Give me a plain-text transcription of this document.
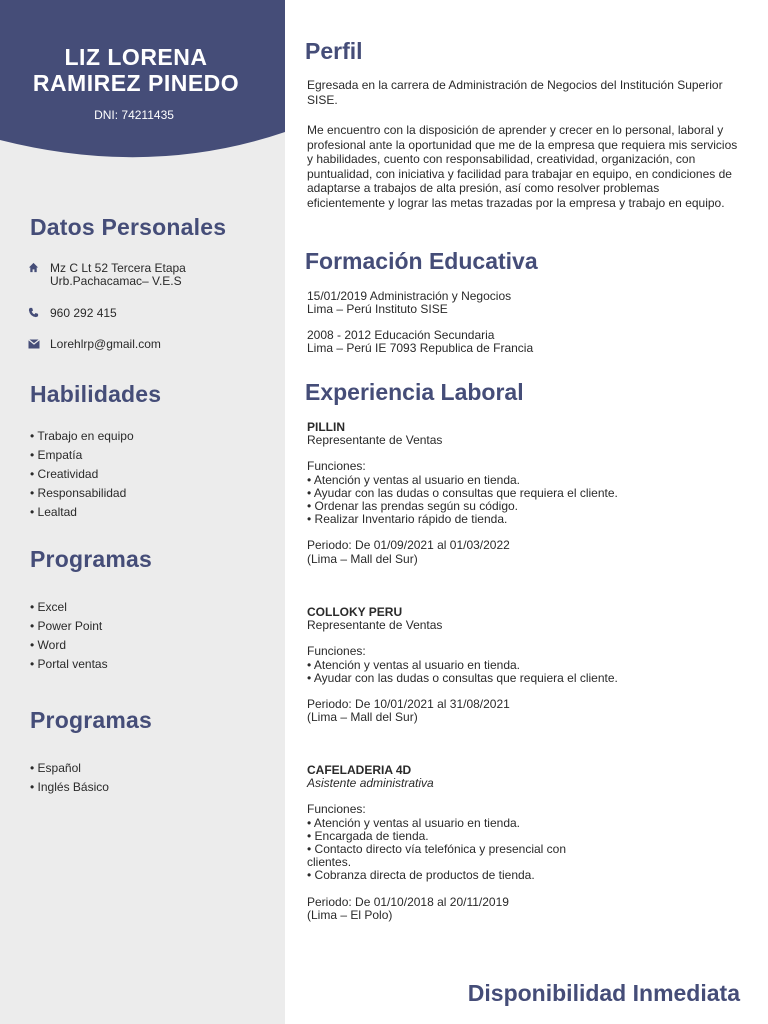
LIZ LORENA
RAMIREZ PINEDO

DNI: 74211435

Datos Personales
Mz C Lt 52 Tercera Etapa
Urb.Pachacamac– V.E.S
960 292 415
Lorehlrp@gmail.com
Habilidades
• Trabajo en equipo
• Empatía
• Creatividad
• Responsabilidad
• Lealtad
Programas
• Excel
• Power Point
• Word
• Portal ventas
Programas
• Español
• Inglés Básico
Perfil

Egresada en la carrera de Administración de Negocios del Institución Superior SISE.

Me encuentro con la disposición de aprender y crecer en lo personal, laboral y profesional ante la oportunidad que me de la empresa que requiera mis servicios y habilidades, cuento con responsabilidad, creatividad, organización, con puntualidad, con iniciativa y facilidad para trabajar en equipo, en condiciones de adaptarse a trabajos de alta presión, así como resolver problemas eficientemente y lograr las metas trazadas por la empresa y trabajo en equipo.

Formación Educativa
15/01/2019 Administración y Negocios
Lima – Perú Instituto SISE
2008 - 2012 Educación Secundaria
Lima – Perú IE 7093 Republica de Francia
Experiencia Laboral
PILLIN
Representante de Ventas
Funciones:
• Atención y ventas al usuario en tienda.
• Ayudar con las dudas o consultas que requiera el cliente.
• Ordenar las prendas según su código.
• Realizar Inventario rápido de tienda.
Periodo: De 01/09/2021 al 01/03/2022
(Lima – Mall del Sur)
COLLOKY PERU
Representante de Ventas
Funciones:
• Atención y ventas al usuario en tienda.
• Ayudar con las dudas o consultas que requiera el cliente.
Periodo: De 10/01/2021 al 31/08/2021
(Lima – Mall del Sur)
CAFELADERIA 4D
Asistente administrativa
Funciones:
• Atención y ventas al usuario en tienda.
• Encargada de tienda.
• Contacto directo vía telefónica y presencial con
clientes.
• Cobranza directa de productos de tienda.
Periodo: De 01/10/2018 al 20/11/2019
(Lima – El Polo)
Disponibilidad Inmediata
